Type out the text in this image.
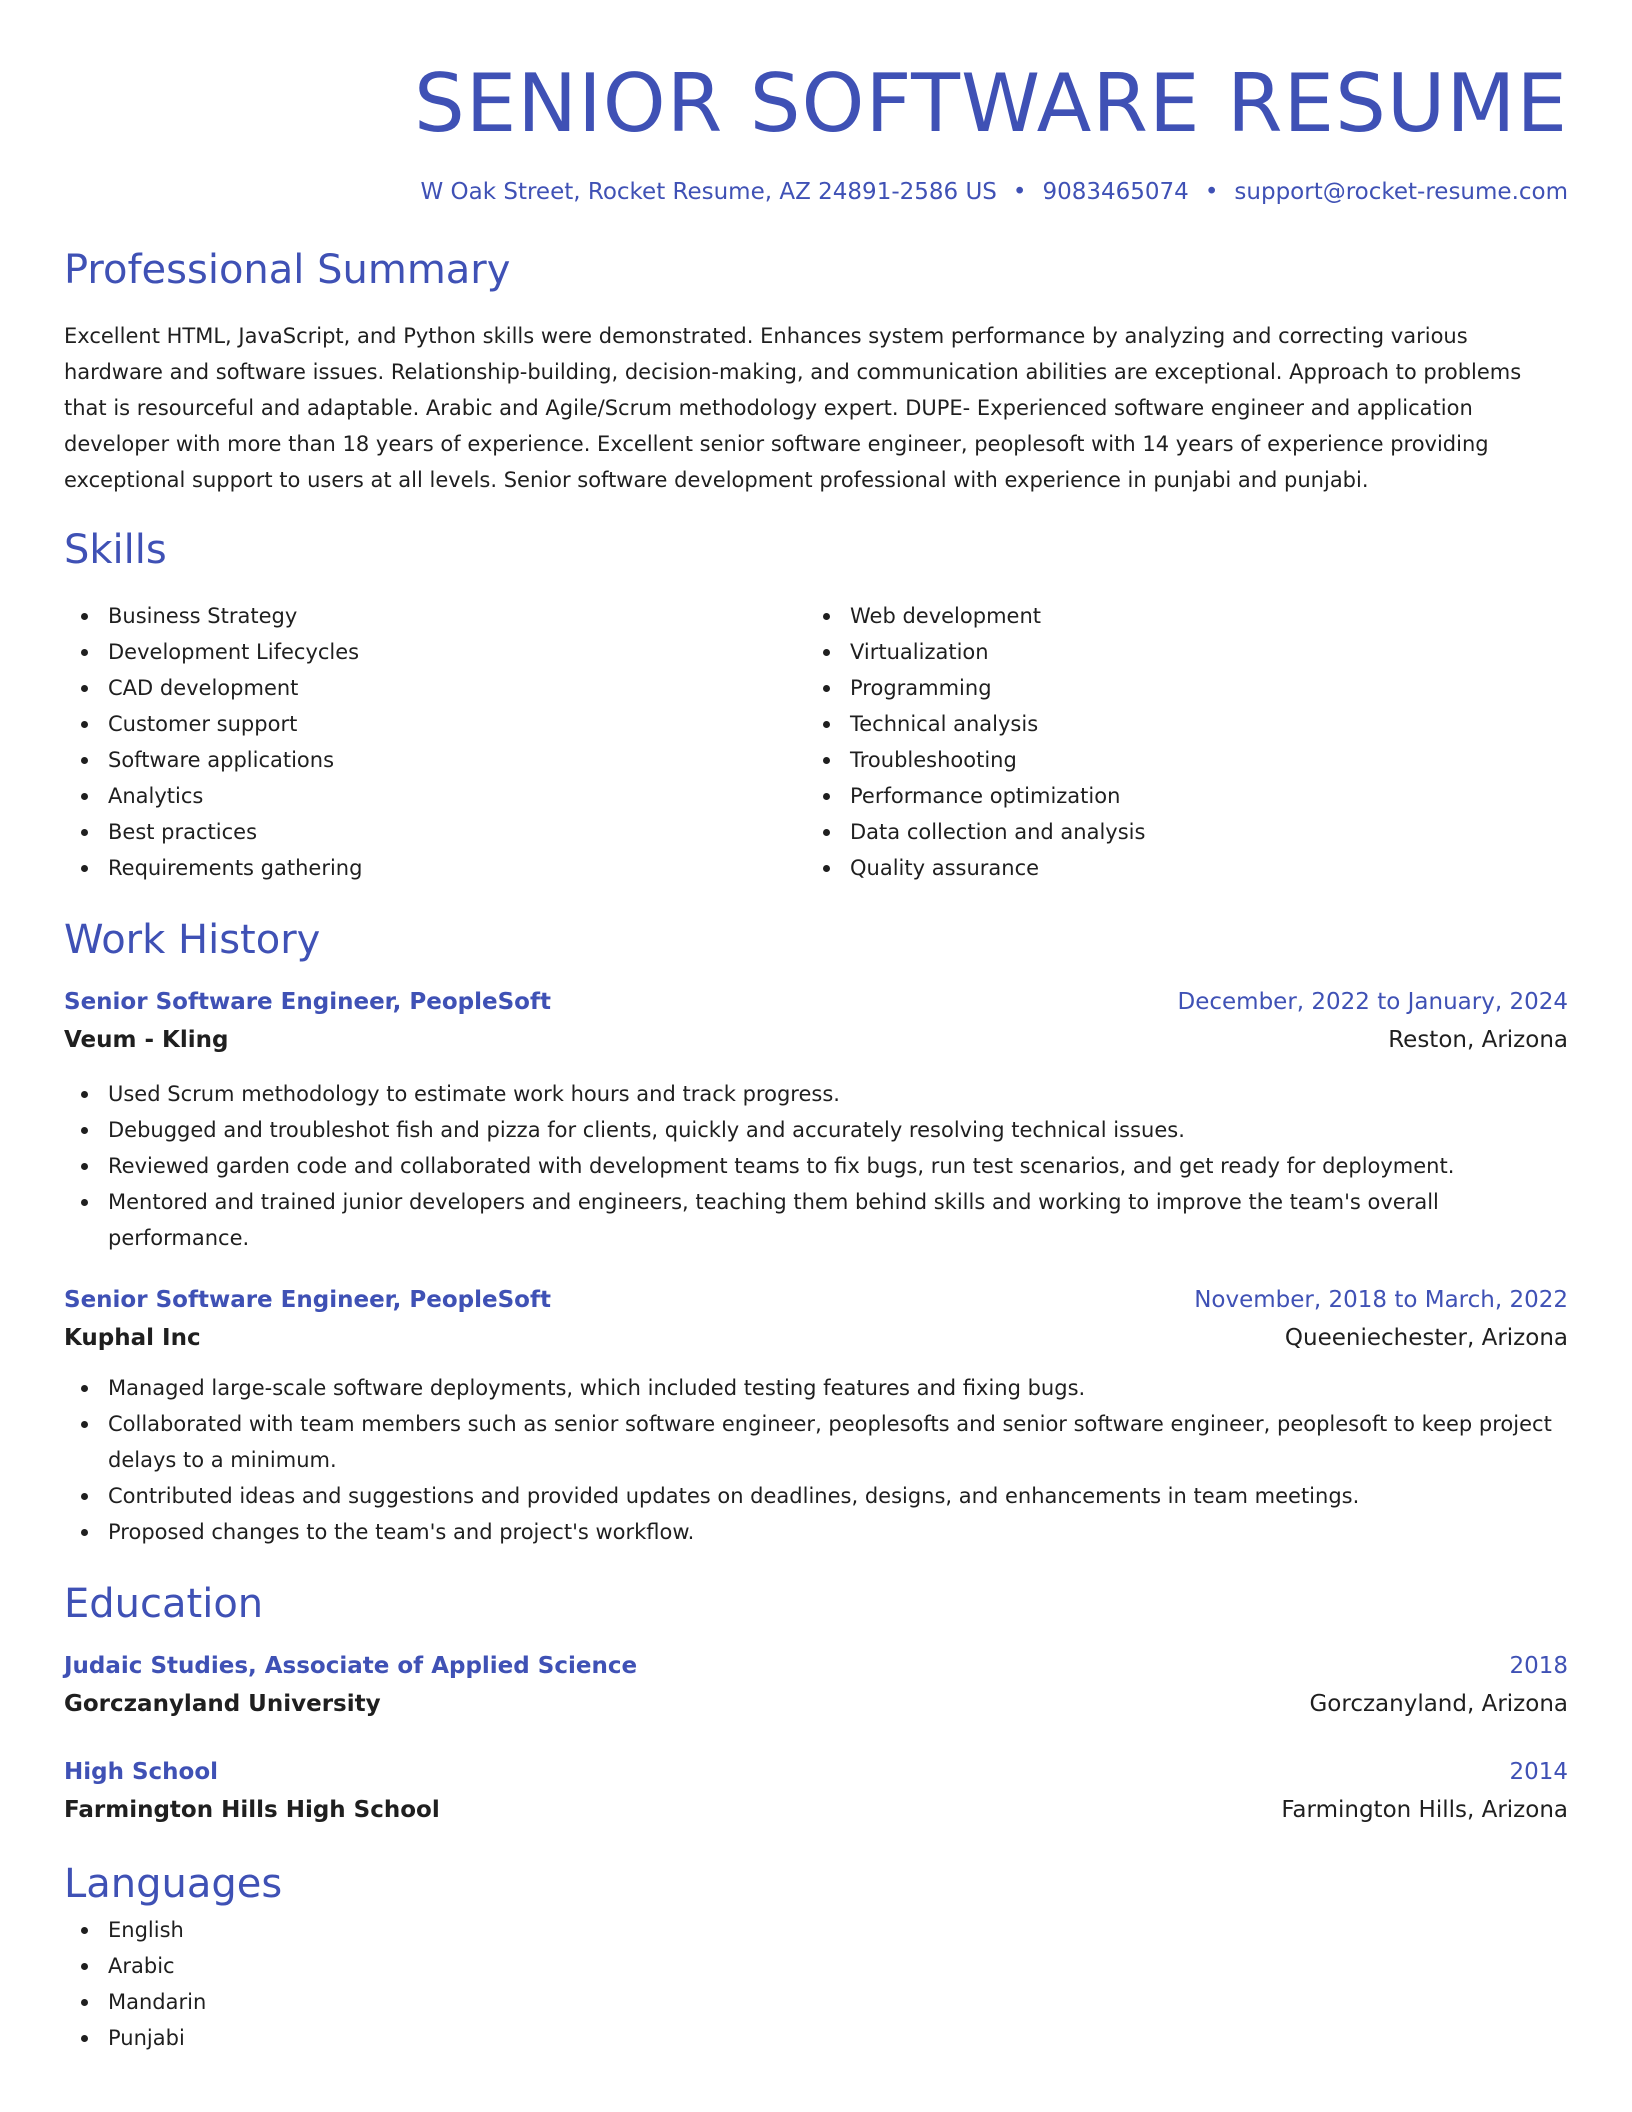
SENIOR SOFTWARE RESUME
W Oak Street, Rocket Resume, AZ 24891-2586 US • 9083465074 • support@rocket-resume.com
Professional Summary

Excellent HTML, JavaScript, and Python skills were demonstrated. Enhances system performance by analyzing and correcting various hardware and software issues. Relationship-building, decision-making, and communication abilities are exceptional. Approach to problems that is resourceful and adaptable. Arabic and Agile/Scrum methodology expert. DUPE- Experienced software engineer and application developer with more than 18 years of experience. Excellent senior software engineer, peoplesoft with 14 years of experience providing exceptional support to users at all levels. Senior software development professional with experience in punjabi and punjabi.

Skills
Business Strategy
Development Lifecycles
CAD development
Customer support
Software applications
Analytics
Best practices
Requirements gathering
Web development
Virtualization
Programming
Technical analysis
Troubleshooting
Performance optimization
Data collection and analysis
Quality assurance
Work History
Senior Software Engineer, PeopleSoft	December, 2022 to January, 2024
Veum - Kling	Reston, Arizona
Used Scrum methodology to estimate work hours and track progress.
Debugged and troubleshot fish and pizza for clients, quickly and accurately resolving technical issues.
Reviewed garden code and collaborated with development teams to fix bugs, run test scenarios, and get ready for deployment.
Mentored and trained junior developers and engineers, teaching them behind skills and working to improve the team's overall performance.
Senior Software Engineer, PeopleSoft	November, 2018 to March, 2022
Kuphal Inc	Queeniechester, Arizona
Managed large-scale software deployments, which included testing features and fixing bugs.
Collaborated with team members such as senior software engineer, peoplesofts and senior software engineer, peoplesoft to keep project delays to a minimum.
Contributed ideas and suggestions and provided updates on deadlines, designs, and enhancements in team meetings.
Proposed changes to the team's and project's workflow.
Education
Judaic Studies, Associate of Applied Science	2018
Gorczanyland University	Gorczanyland, Arizona
High School	2014
Farmington Hills High School	Farmington Hills, Arizona
Languages
English
Arabic
Mandarin
Punjabi
